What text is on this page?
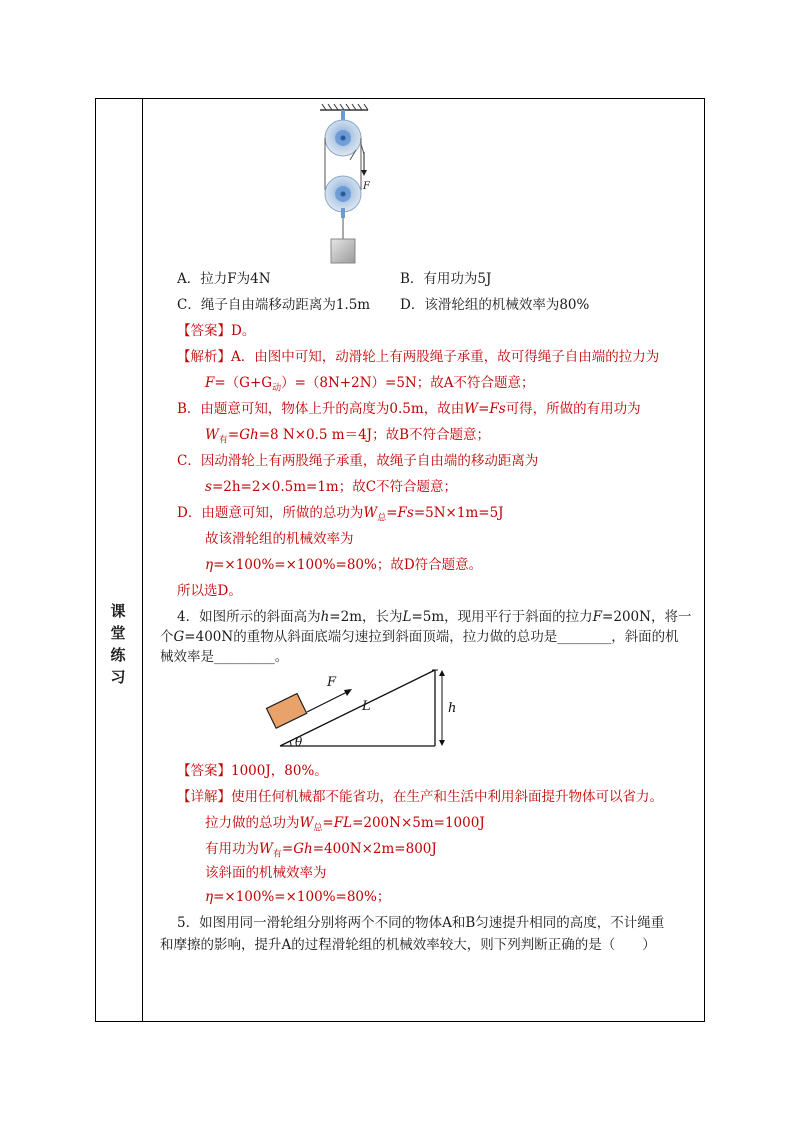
课
堂
练
习
F
A．拉力F为4N	B．有用功为5J
C．绳子自由端移动距离为1.5m D．该滑轮组的机械效率为80%
【答案】D。
【解析】A．由图中可知，动滑轮上有两股绳子承重，故可得绳子自由端的拉力为
$F=(G+G_动)=(8N+2N)=5N$；故A不符合题意；
B．由题意可知，物体上升的高度为0.5m，故由W=Fs可得，所做的有用功为
$W_有=Gh=8$ N×0.5 m＝4J；故B不符合题意；
C．因动滑轮上有两股绳子承重，故绳子自由端的移动距离为
s=2h=2×0.5m=1m；故C不符合题意；
D．由题意可知，所做的总功为$W_总=Fs=5N\times 1m=5J$
故该滑轮组的机械效率为
η=×100%=×100%=80%；故D符合题意。
所以选D。
4．如图所示的斜面高为h=2m，长为L=5m，现用平行于斜面的拉力F=200N，将一
个G=400N的重物从斜面底端匀速拉到斜面顶端，拉力做的总功是________，斜面的机
械效率是_________。
h
F
L
θ
【答案】1000J，80%。
【详解】使用任何机械都不能省功，在生产和生活中利用斜面提升物体可以省力。
拉力做的总功为$W_总=FL=200N\times 5m=1000J$
有用功为$W_有=Gh=400N\times 2m=800J$
该斜面的机械效率为
η=×100%=×100%=80%；
5．如图用同一滑轮组分别将两个不同的物体A和B匀速提升相同的高度，不计绳重
和摩擦的影响，提升A的过程滑轮组的机械效率较大，则下列判断正确的是（　　）
